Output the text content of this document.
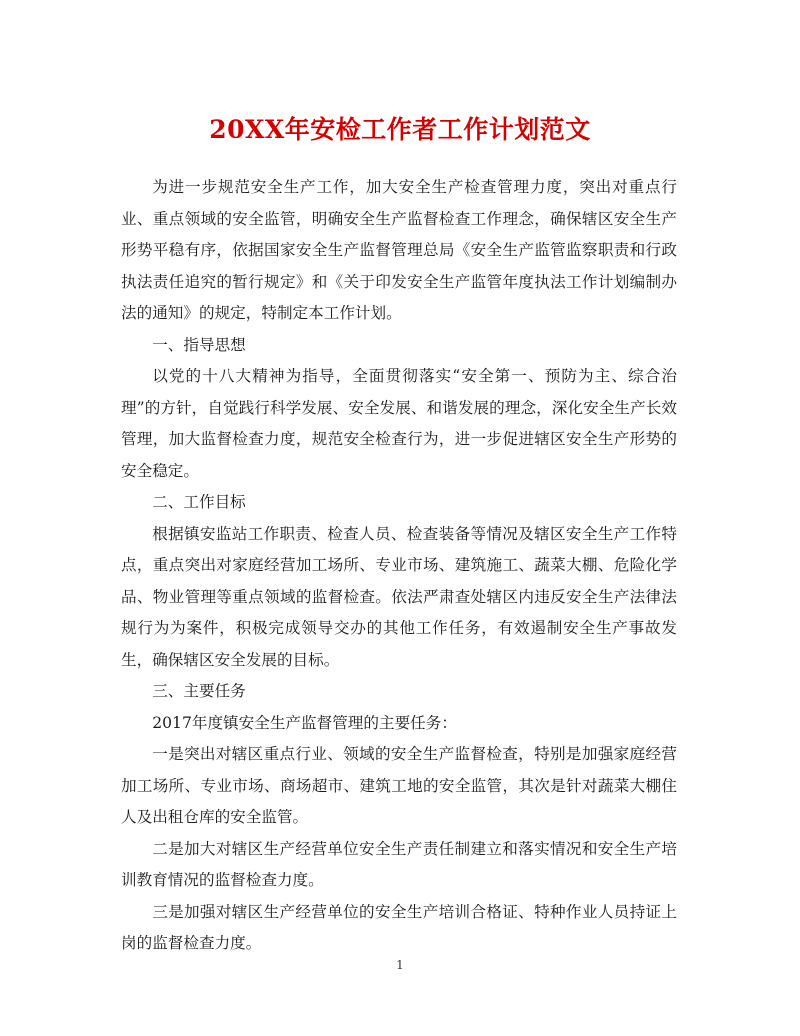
20XX年安检工作者工作计划范文

为进一步规范安全生产工作，加大安全生产检查管理力度，突出对重点行业、重点领域的安全监管，明确安全生产监督检查工作理念，确保辖区安全生产形势平稳有序，依据国家安全生产监督管理总局《安全生产监管监察职责和行政执法责任追究的暂行规定》和《关于印发安全生产监管年度执法工作计划编制办法的通知》的规定，特制定本工作计划。

一、指导思想

以党的十八大精神为指导，全面贯彻落实“安全第一、预防为主、综合治理”的方针，自觉践行科学发展、安全发展、和谐发展的理念，深化安全生产长效管理，加大监督检查力度，规范安全检查行为，进一步促进辖区安全生产形势的安全稳定。

二、工作目标

根据镇安监站工作职责、检查人员、检查装备等情况及辖区安全生产工作特点，重点突出对家庭经营加工场所、专业市场、建筑施工、蔬菜大棚、危险化学品、物业管理等重点领域的监督检查。依法严肃查处辖区内违反安全生产法律法规行为为案件，积极完成领导交办的其他工作任务，有效遏制安全生产事故发生，确保辖区安全发展的目标。

三、主要任务

2017年度镇安全生产监督管理的主要任务：

一是突出对辖区重点行业、领域的安全生产监督检查，特别是加强家庭经营加工场所、专业市场、商场超市、建筑工地的安全监管，其次是针对蔬菜大棚住人及出租仓库的安全监管。

二是加大对辖区生产经营单位安全生产责任制建立和落实情况和安全生产培训教育情况的监督检查力度。

三是加强对辖区生产经营单位的安全生产培训合格证、特种作业人员持证上岗的监督检查力度。

1
